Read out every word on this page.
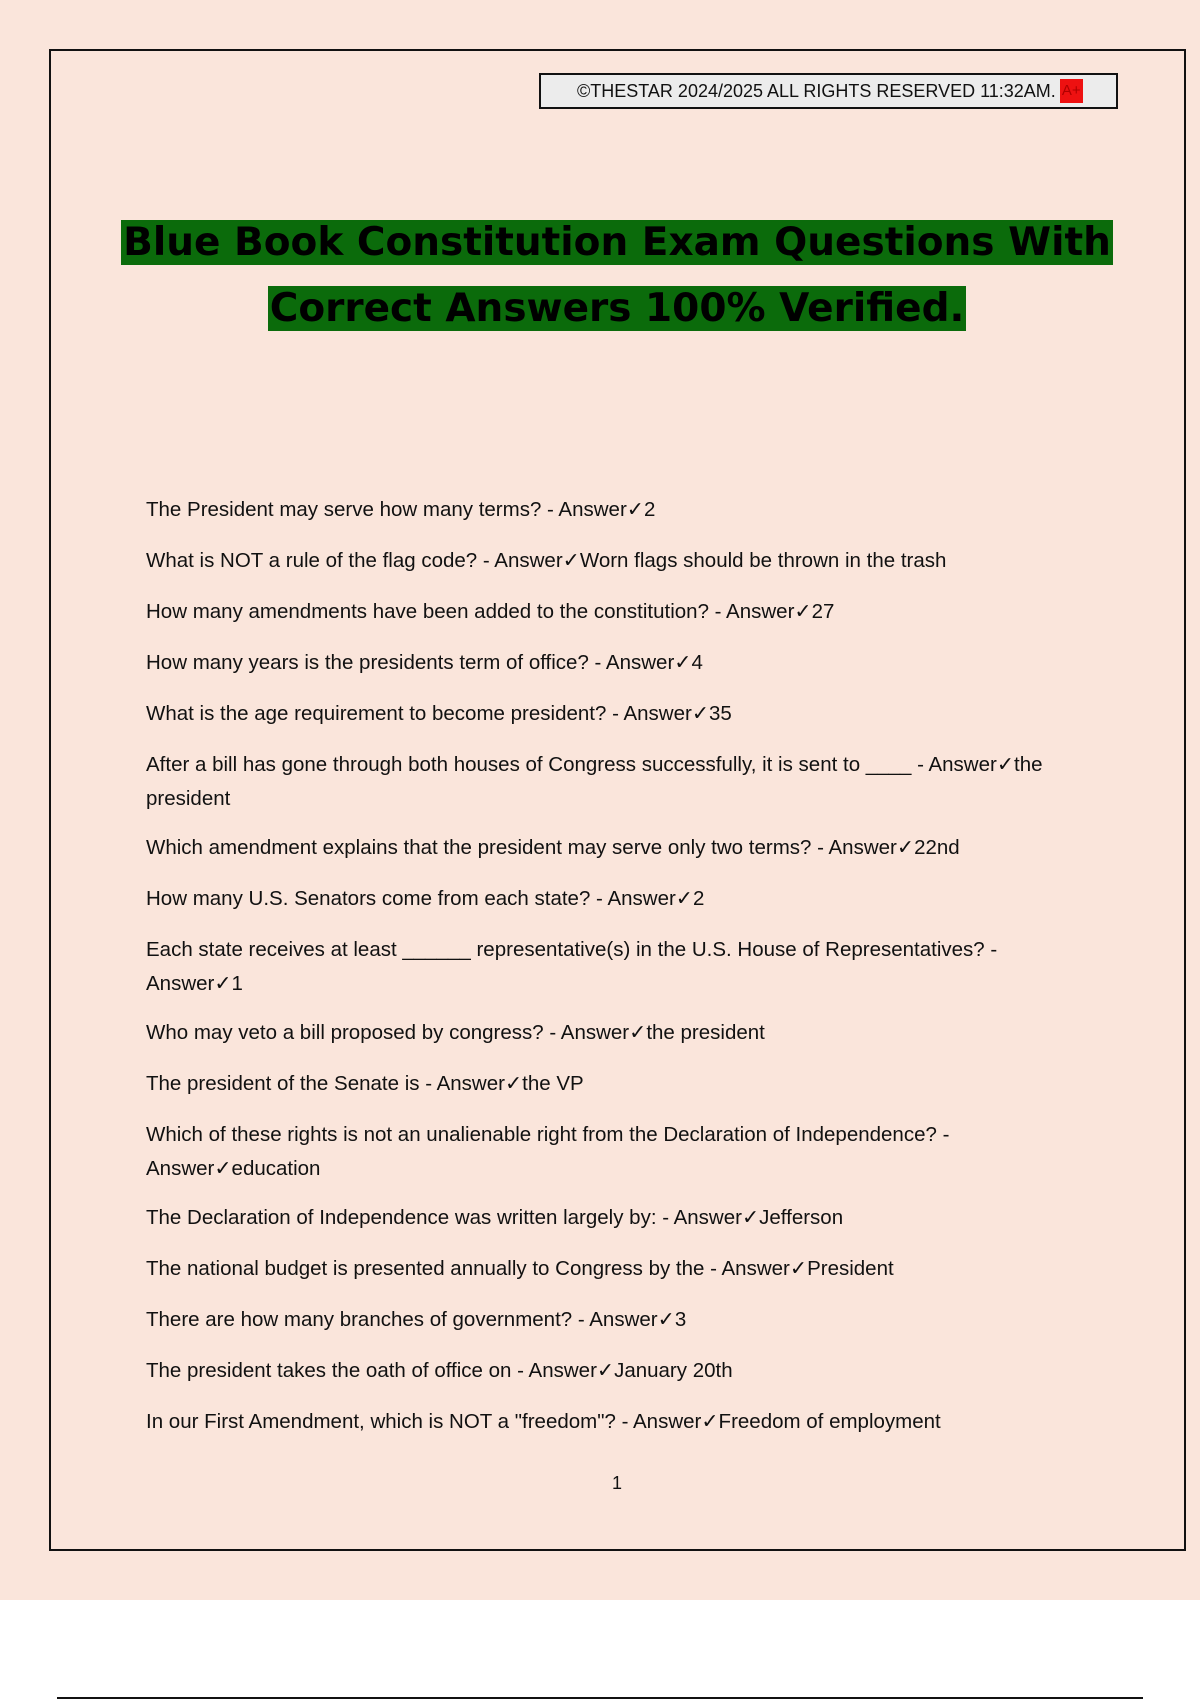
©THESTAR 2024/2025 ALL RIGHTS RESERVED 11:32AM. A+
Blue Book Constitution Exam Questions With
Correct Answers 100% Verified.
The President may serve how many terms? - Answer✓2
What is NOT a rule of the flag code? - Answer✓Worn flags should be thrown in the trash
How many amendments have been added to the constitution? - Answer✓27
How many years is the presidents term of office? - Answer✓4
What is the age requirement to become president? - Answer✓35
After a bill has gone through both houses of Congress successfully, it is sent to ____ - Answer✓the president
Which amendment explains that the president may serve only two terms? - Answer✓22nd
How many U.S. Senators come from each state? - Answer✓2
Each state receives at least ______ representative(s) in the U.S. House of Representatives? - Answer✓1
Who may veto a bill proposed by congress? - Answer✓the president
The president of the Senate is - Answer✓the VP
Which of these rights is not an unalienable right from the Declaration of Independence? - Answer✓education
The Declaration of Independence was written largely by: - Answer✓Jefferson
The national budget is presented annually to Congress by the - Answer✓President
There are how many branches of government? - Answer✓3
The president takes the oath of office on - Answer✓January 20th
In our First Amendment, which is NOT a "freedom"? - Answer✓Freedom of employment
1
